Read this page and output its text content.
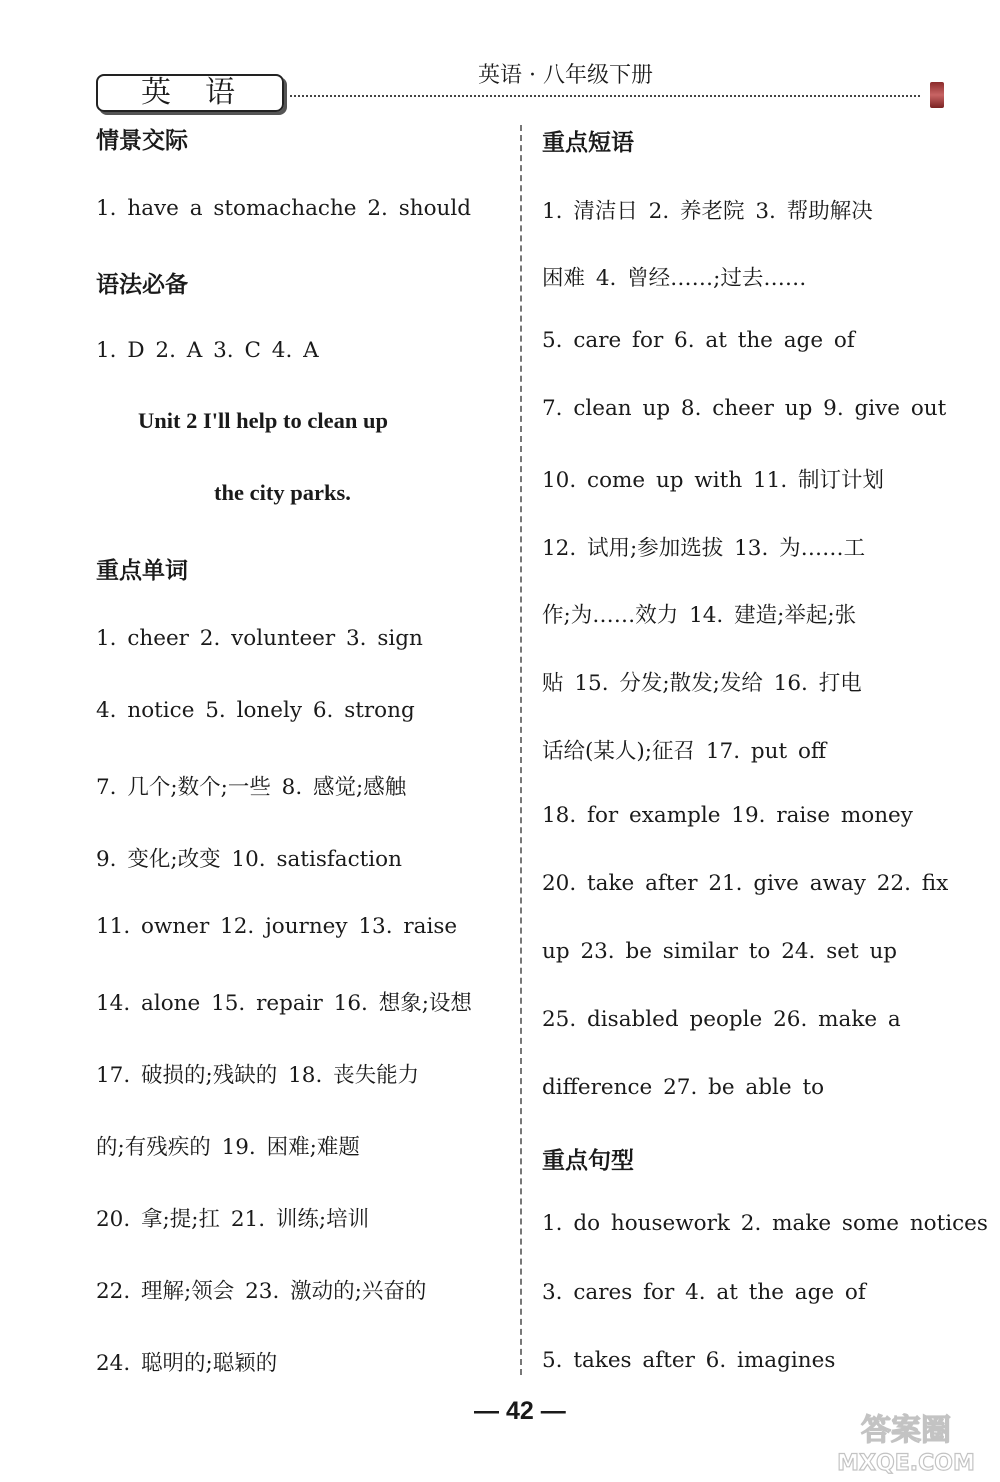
英语	英语 · 八年级下册
情景交际
1. have a stomachache 2. should
语法必备
1. D 2. A 3. C 4. A
Unit 2 I'll help to clean up
the city parks.
重点单词
1. cheer 2. volunteer 3. sign
4. notice 5. lonely 6. strong
7. 几个;数个;一些 8. 感觉;感触
9. 变化;改变 10. satisfaction
11. owner 12. journey 13. raise
14. alone 15. repair 16. 想象;设想
17. 破损的;残缺的 18. 丧失能力
的;有残疾的 19. 困难;难题
20. 拿;提;扛 21. 训练;培训
22. 理解;领会 23. 激动的;兴奋的
24. 聪明的;聪颖的
重点短语
1. 清洁日 2. 养老院 3. 帮助解决
困难 4. 曾经……;过去……
5. care for 6. at the age of
7. clean up 8. cheer up 9. give out
10. come up with 11. 制订计划
12. 试用;参加选拔 13. 为……工
作;为……效力 14. 建造;举起;张
贴 15. 分发;散发;发给 16. 打电
话给(某人);征召 17. put off
18. for example 19. raise money
20. take after 21. give away 22. fix
up 23. be similar to 24. set up
25. disabled people 26. make a
difference 27. be able to
重点句型
1. do housework 2. make some notices
3. cares for 4. at the age of
5. takes after 6. imagines
— 42 —
答案圈
MXQE.COM
